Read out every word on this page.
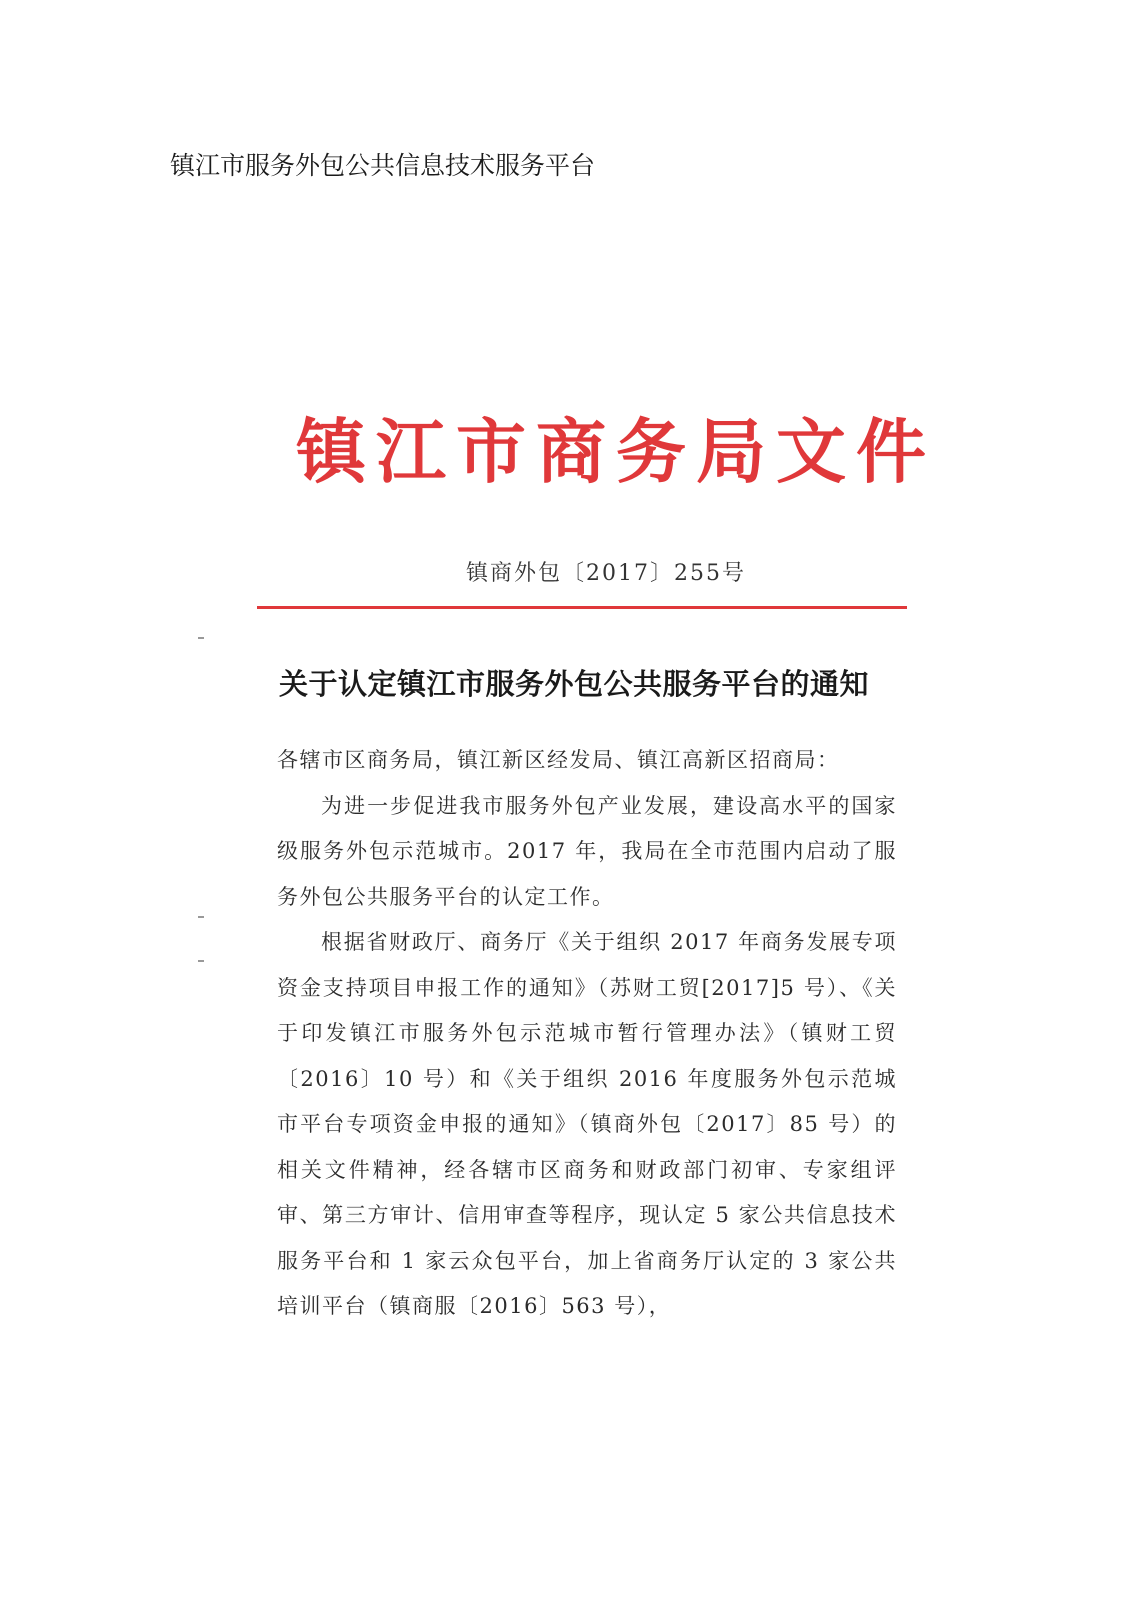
镇江市服务外包公共信息技术服务平台
镇江市商务局文件
镇商外包〔2017〕255号
关于认定镇江市服务外包公共服务平台的通知

各辖市区商务局，镇江新区经发局、镇江高新区招商局：

为进一步促进我市服务外包产业发展，建设高水平的国家级服务外包示范城市。2017 年，我局在全市范围内启动了服务外包公共服务平台的认定工作。

根据省财政厅、商务厅《关于组织 2017 年商务发展专项资金支持项目申报工作的通知》（苏财工贸[2017]5 号）、《关于印发镇江市服务外包示范城市暂行管理办法》（镇财工贸〔2016〕10 号）和《关于组织 2016 年度服务外包示范城市平台专项资金申报的通知》（镇商外包〔2017〕85 号）的相关文件精神，经各辖市区商务和财政部门初审、专家组评审、第三方审计、信用审查等程序，现认定 5 家公共信息技术服务平台和 1 家云众包平台，加上省商务厅认定的 3 家公共培训平台（镇商服〔2016〕563 号），
